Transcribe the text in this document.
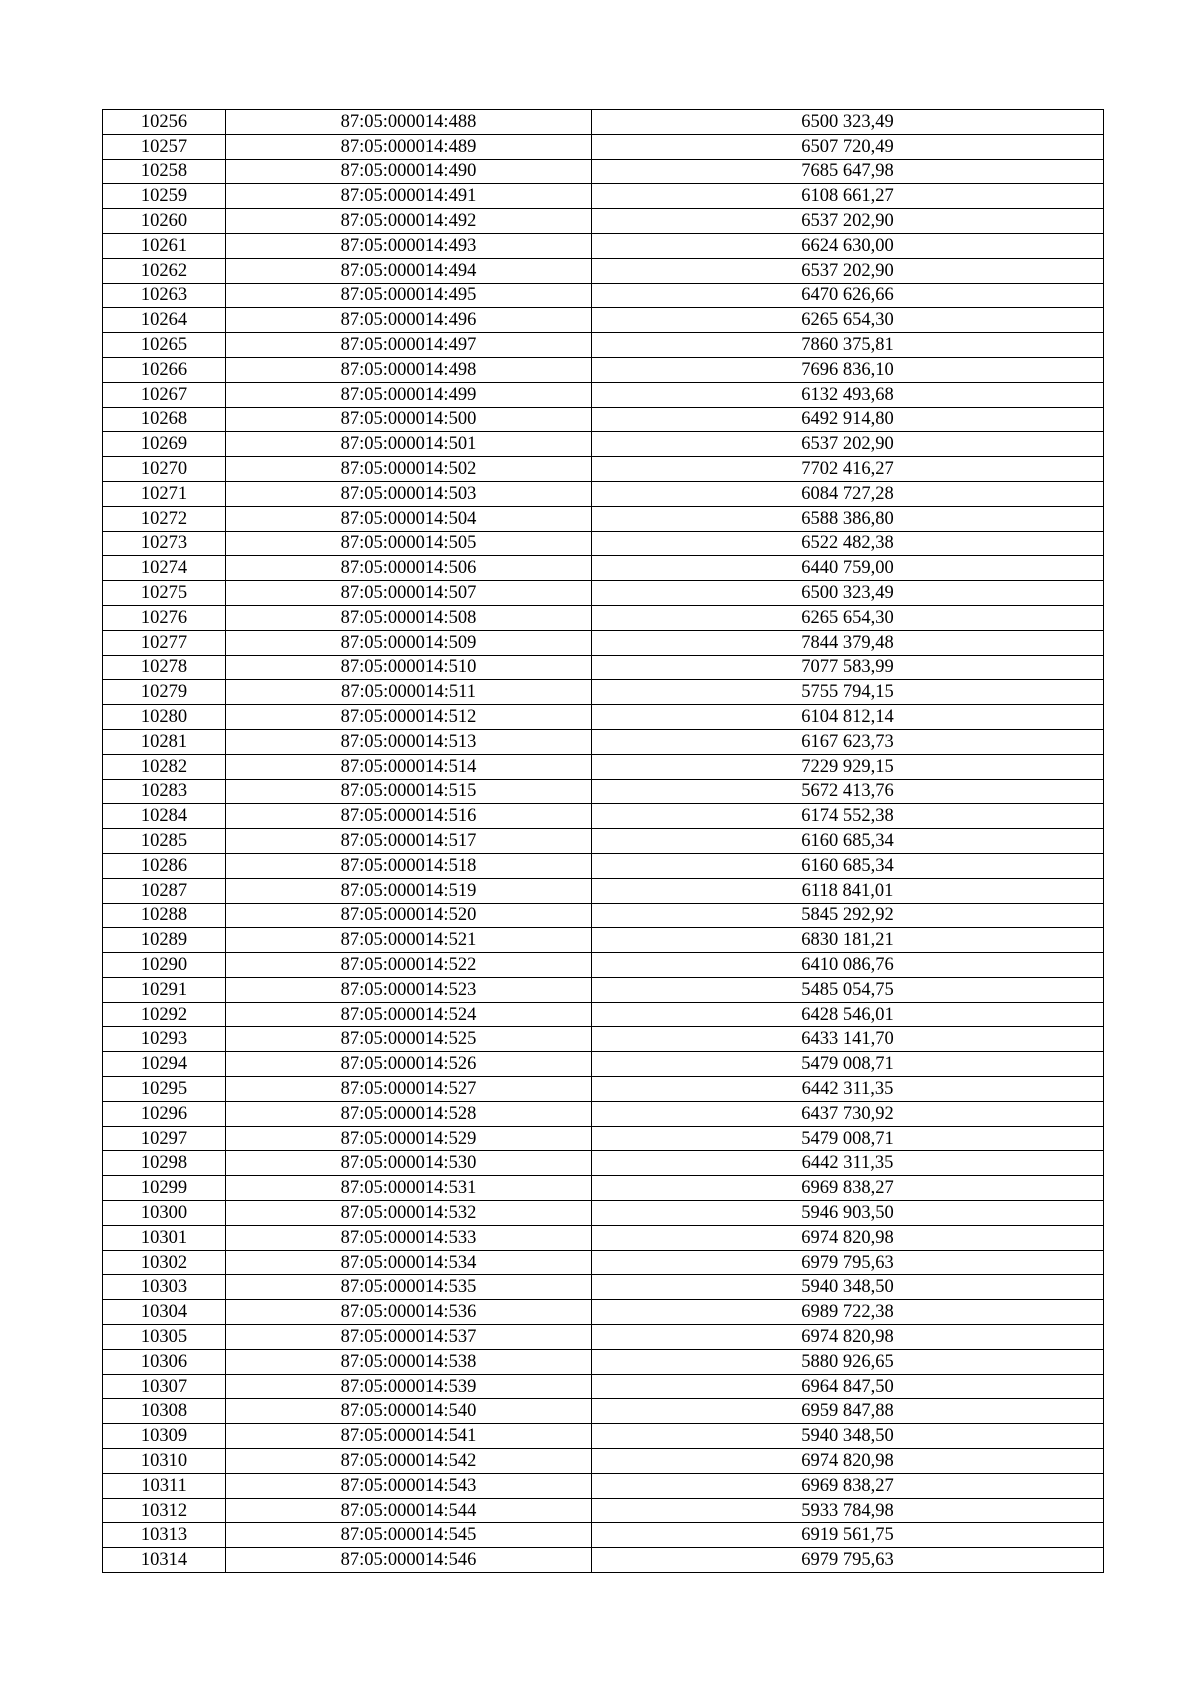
10256	87:05:000014:488	6500 323,49
10257	87:05:000014:489	6507 720,49
10258	87:05:000014:490	7685 647,98
10259	87:05:000014:491	6108 661,27
10260	87:05:000014:492	6537 202,90
10261	87:05:000014:493	6624 630,00
10262	87:05:000014:494	6537 202,90
10263	87:05:000014:495	6470 626,66
10264	87:05:000014:496	6265 654,30
10265	87:05:000014:497	7860 375,81
10266	87:05:000014:498	7696 836,10
10267	87:05:000014:499	6132 493,68
10268	87:05:000014:500	6492 914,80
10269	87:05:000014:501	6537 202,90
10270	87:05:000014:502	7702 416,27
10271	87:05:000014:503	6084 727,28
10272	87:05:000014:504	6588 386,80
10273	87:05:000014:505	6522 482,38
10274	87:05:000014:506	6440 759,00
10275	87:05:000014:507	6500 323,49
10276	87:05:000014:508	6265 654,30
10277	87:05:000014:509	7844 379,48
10278	87:05:000014:510	7077 583,99
10279	87:05:000014:511	5755 794,15
10280	87:05:000014:512	6104 812,14
10281	87:05:000014:513	6167 623,73
10282	87:05:000014:514	7229 929,15
10283	87:05:000014:515	5672 413,76
10284	87:05:000014:516	6174 552,38
10285	87:05:000014:517	6160 685,34
10286	87:05:000014:518	6160 685,34
10287	87:05:000014:519	6118 841,01
10288	87:05:000014:520	5845 292,92
10289	87:05:000014:521	6830 181,21
10290	87:05:000014:522	6410 086,76
10291	87:05:000014:523	5485 054,75
10292	87:05:000014:524	6428 546,01
10293	87:05:000014:525	6433 141,70
10294	87:05:000014:526	5479 008,71
10295	87:05:000014:527	6442 311,35
10296	87:05:000014:528	6437 730,92
10297	87:05:000014:529	5479 008,71
10298	87:05:000014:530	6442 311,35
10299	87:05:000014:531	6969 838,27
10300	87:05:000014:532	5946 903,50
10301	87:05:000014:533	6974 820,98
10302	87:05:000014:534	6979 795,63
10303	87:05:000014:535	5940 348,50
10304	87:05:000014:536	6989 722,38
10305	87:05:000014:537	6974 820,98
10306	87:05:000014:538	5880 926,65
10307	87:05:000014:539	6964 847,50
10308	87:05:000014:540	6959 847,88
10309	87:05:000014:541	5940 348,50
10310	87:05:000014:542	6974 820,98
10311	87:05:000014:543	6969 838,27
10312	87:05:000014:544	5933 784,98
10313	87:05:000014:545	6919 561,75
10314	87:05:000014:546	6979 795,63
